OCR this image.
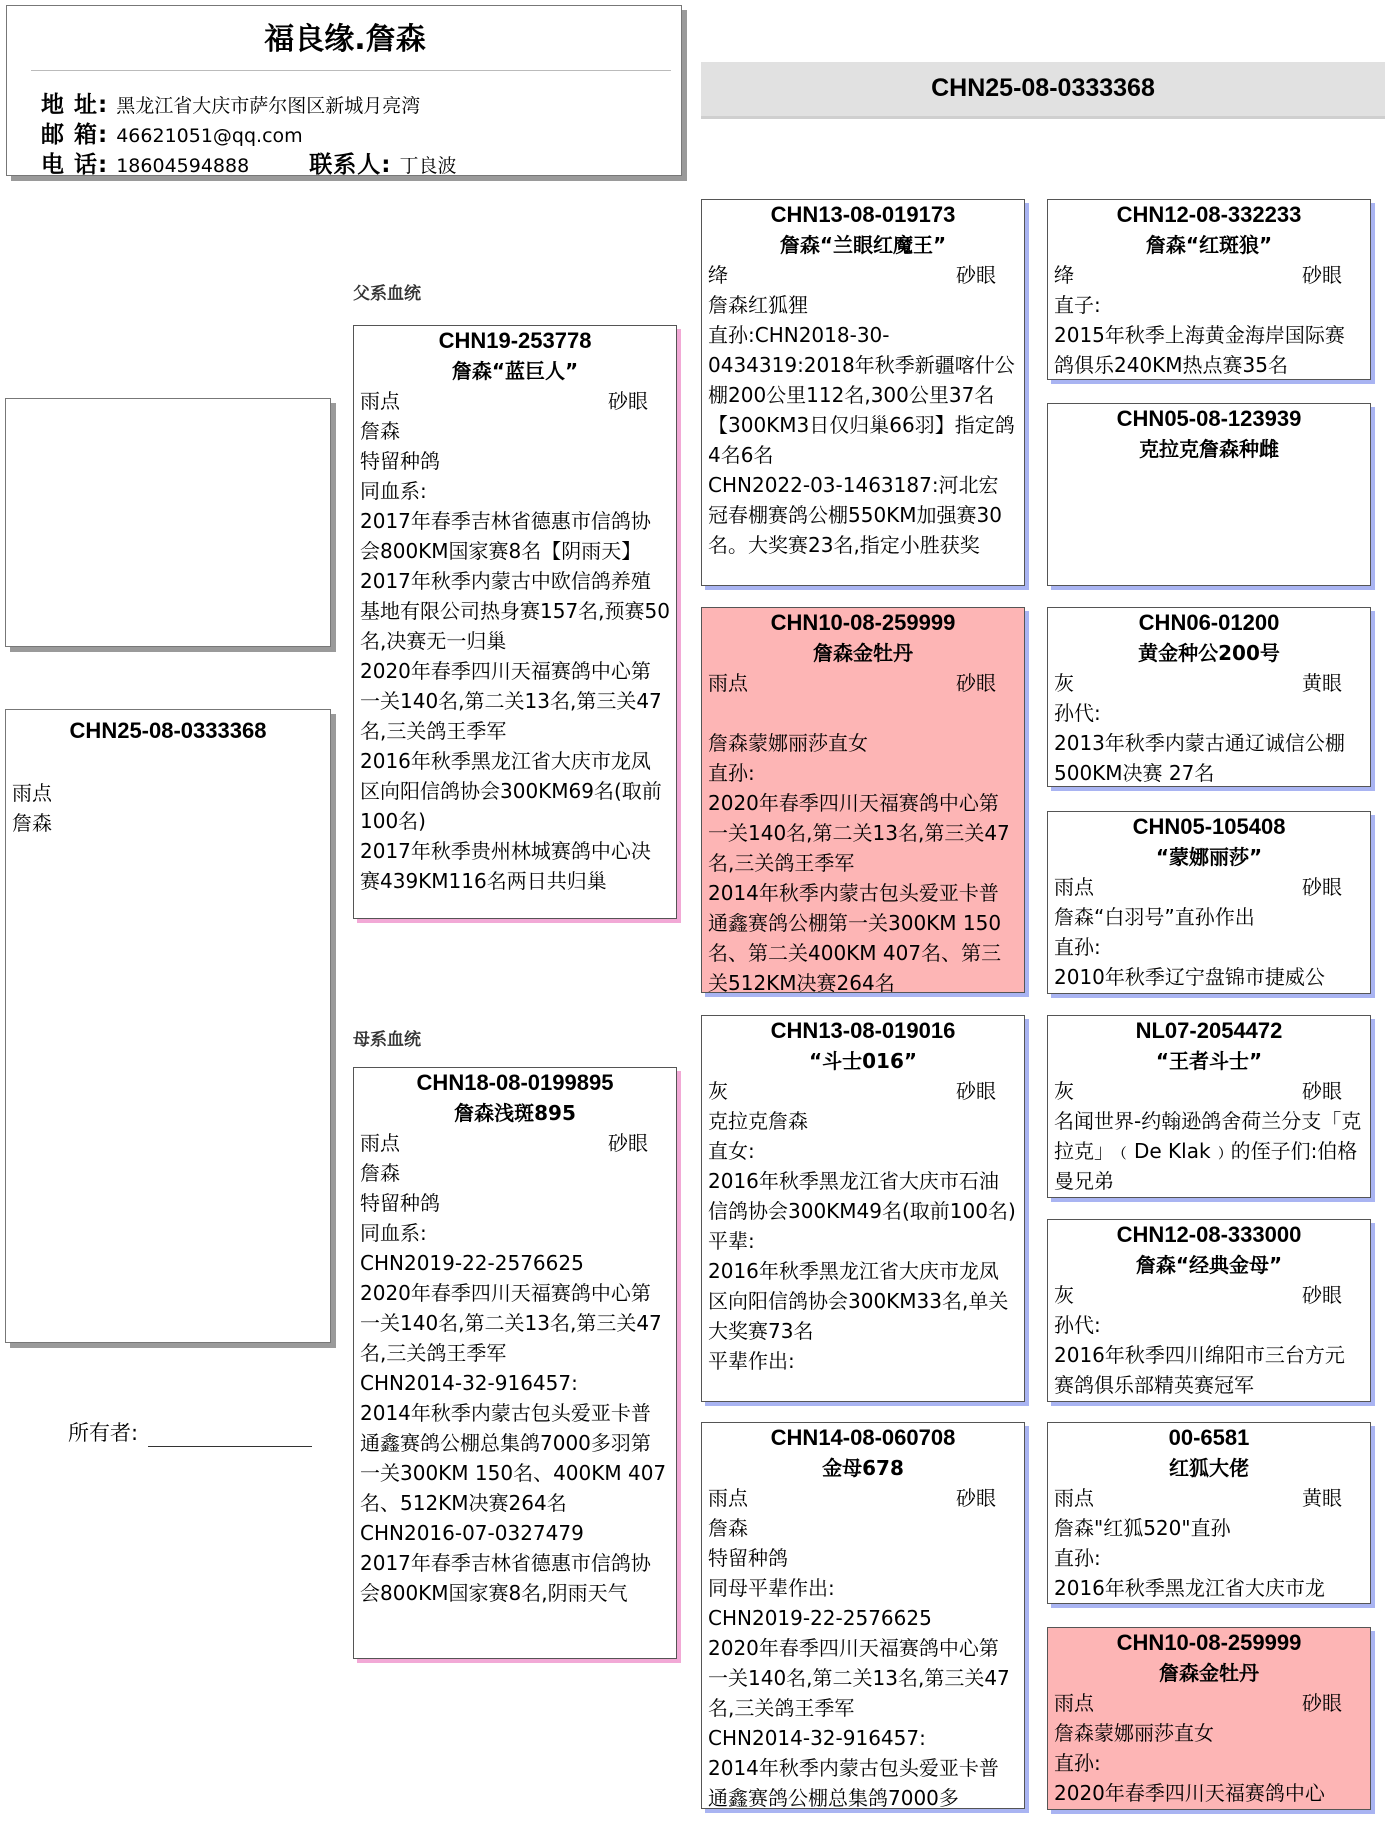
福良缘.詹森
地 址: 黑龙江省大庆市萨尔图区新城月亮湾
邮 箱: 46621051@qq.com
电 话: 18604594888	联系人: 丁良波
CHN25-08-0333368
父系血统
母系血统
CHN25-08-0333368
雨点
詹森
所有者:
CHN19-253778
詹森“蓝巨人”
雨点	砂眼
詹森
特留种鸽
同血系:
2017年春季吉林省德惠市信鸽协会800KM国家赛8名【阴雨天】
2017年秋季内蒙古中欧信鸽养殖基地有限公司热身赛157名,预赛50名,决赛无一归巢
2020年春季四川天福赛鸽中心第一关140名,第二关13名,第三关47名,三关鸽王季军
2016年秋季黑龙江省大庆市龙凤区向阳信鸽协会300KM69名(取前100名)
2017年秋季贵州林城赛鸽中心决赛439KM116名两日共归巢
CHN18-08-0199895
詹森浅斑895
雨点	砂眼
詹森
特留种鸽
同血系:
CHN2019-22-2576625
2020年春季四川天福赛鸽中心第一关140名,第二关13名,第三关47名,三关鸽王季军
CHN2014-32-916457:
2014年秋季内蒙古包头爱亚卡普通鑫赛鸽公棚总集鸽7000多羽第一关300KM 150名、400KM 407名、512KM决赛264名
CHN2016-07-0327479
2017年春季吉林省德惠市信鸽协会800KM国家赛8名,阴雨天气
CHN13-08-019173
詹森“兰眼红魔王”
绛	砂眼
詹森红狐狸
直孙:CHN2018-30-0434319:2018年秋季新疆喀什公棚200公里112名,300公里37名【300KM3日仅归巢66羽】指定鸽4名6名
CHN2022-03-1463187:河北宏冠春棚赛鸽公棚550KM加强赛30名。大奖赛23名,指定小胜获奖
CHN10-08-259999
詹森金牡丹
雨点	砂眼
詹森蒙娜丽莎直女
直孙:
2020年春季四川天福赛鸽中心第一关140名,第二关13名,第三关47名,三关鸽王季军
2014年秋季内蒙古包头爱亚卡普通鑫赛鸽公棚第一关300KM 150名、第二关400KM 407名、第三关512KM决赛264名
CHN13-08-019016
“斗士016”
灰	砂眼
克拉克詹森
直女:
2016年秋季黑龙江省大庆市石油信鸽协会300KM49名(取前100名)
平辈:
2016年秋季黑龙江省大庆市龙凤区向阳信鸽协会300KM33名,单关大奖赛73名
平辈作出:
CHN14-08-060708
金母678
雨点	砂眼
詹森
特留种鸽
同母平辈作出:
CHN2019-22-2576625
2020年春季四川天福赛鸽中心第一关140名,第二关13名,第三关47名,三关鸽王季军
CHN2014-32-916457:
2014年秋季内蒙古包头爱亚卡普通鑫赛鸽公棚总集鸽7000多
CHN12-08-332233
詹森“红斑狼”
绛	砂眼
直子:
2015年秋季上海黄金海岸国际赛鸽俱乐240KM热点赛35名
CHN05-08-123939
克拉克詹森种雌
CHN06-01200
黄金种公200号
灰	黄眼
孙代:
2013年秋季内蒙古通辽诚信公棚500KM决赛 27名
CHN05-105408
“蒙娜丽莎”
雨点	砂眼
詹森“白羽号”直孙作出
直孙:
2010年秋季辽宁盘锦市捷威公
NL07-2054472
“王者斗士”
灰	砂眼
名闻世界-约翰逊鸽舍荷兰分支「克拉克」﹙De Klak﹚的侄子们:伯格曼兄弟
CHN12-08-333000
詹森“经典金母”
灰	砂眼
孙代:
2016年秋季四川绵阳市三台方元赛鸽俱乐部精英赛冠军
00-6581
红狐大佬
雨点	黄眼
詹森"红狐520"直孙
直孙:
2016年秋季黑龙江省大庆市龙
CHN10-08-259999
詹森金牡丹
雨点	砂眼
詹森蒙娜丽莎直女
直孙:
2020年春季四川天福赛鸽中心
